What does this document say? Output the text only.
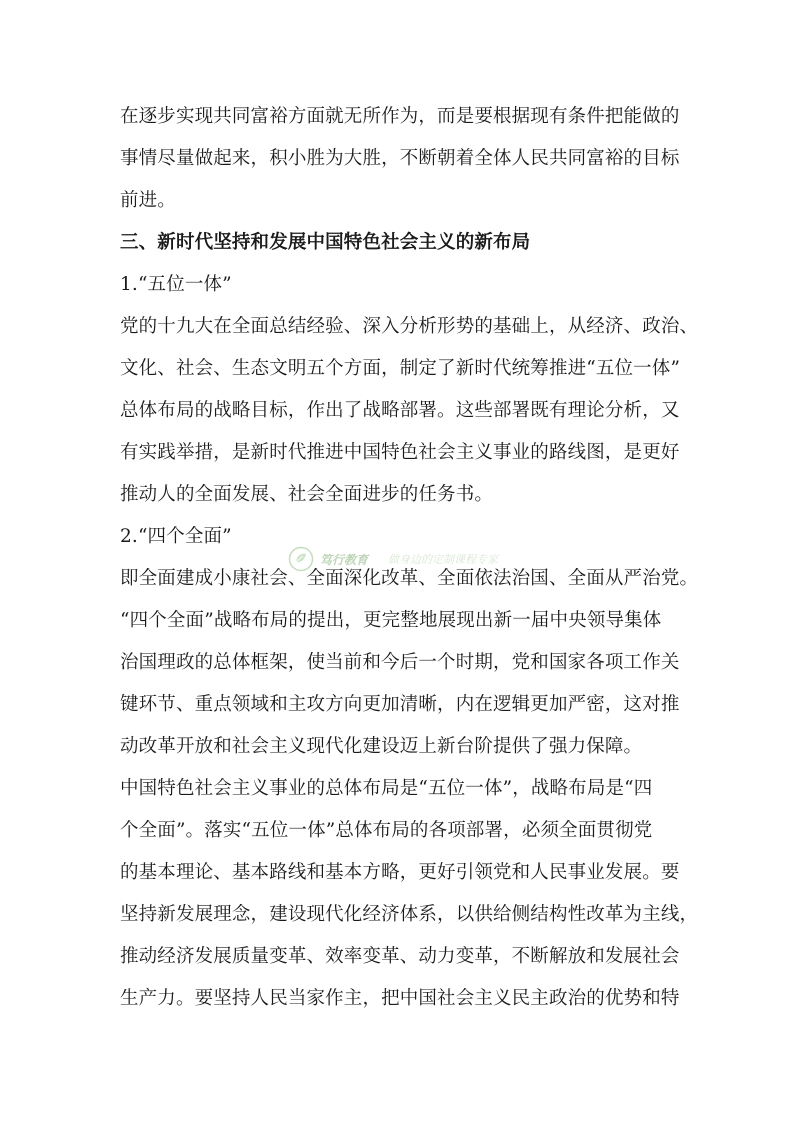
在逐步实现共同富裕方面就无所作为，而是要根据现有条件把能做的
事情尽量做起来，积小胜为大胜，不断朝着全体人民共同富裕的目标
前进。
三、新时代坚持和发展中国特色社会主义的新布局
1.“五位一体”
党的十九大在全面总结经验、深入分析形势的基础上，从经济、政治、
文化、社会、生态文明五个方面，制定了新时代统筹推进“五位一体”
总体布局的战略目标，作出了战略部署。这些部署既有理论分析，又
有实践举措，是新时代推进中国特色社会主义事业的路线图，是更好
推动人的全面发展、社会全面进步的任务书。
2.“四个全面”
即全面建成小康社会、全面深化改革、全面依法治国、全面从严治党。
“四个全面”战略布局的提出，更完整地展现出新一届中央领导集体
治国理政的总体框架，使当前和今后一个时期，党和国家各项工作关
键环节、重点领域和主攻方向更加清晰，内在逻辑更加严密，这对推
动改革开放和社会主义现代化建设迈上新台阶提供了强力保障。
中国特色社会主义事业的总体布局是“五位一体”，战略布局是“四
个全面”。落实“五位一体”总体布局的各项部署，必须全面贯彻党
的基本理论、基本路线和基本方略，更好引领党和人民事业发展。要
坚持新发展理念，建设现代化经济体系，以供给侧结构性改革为主线，
推动经济发展质量变革、效率变革、动力变革，不断解放和发展社会
生产力。要坚持人民当家作主，把中国社会主义民主政治的优势和特
笃行教育 做身边的定制课程专家
